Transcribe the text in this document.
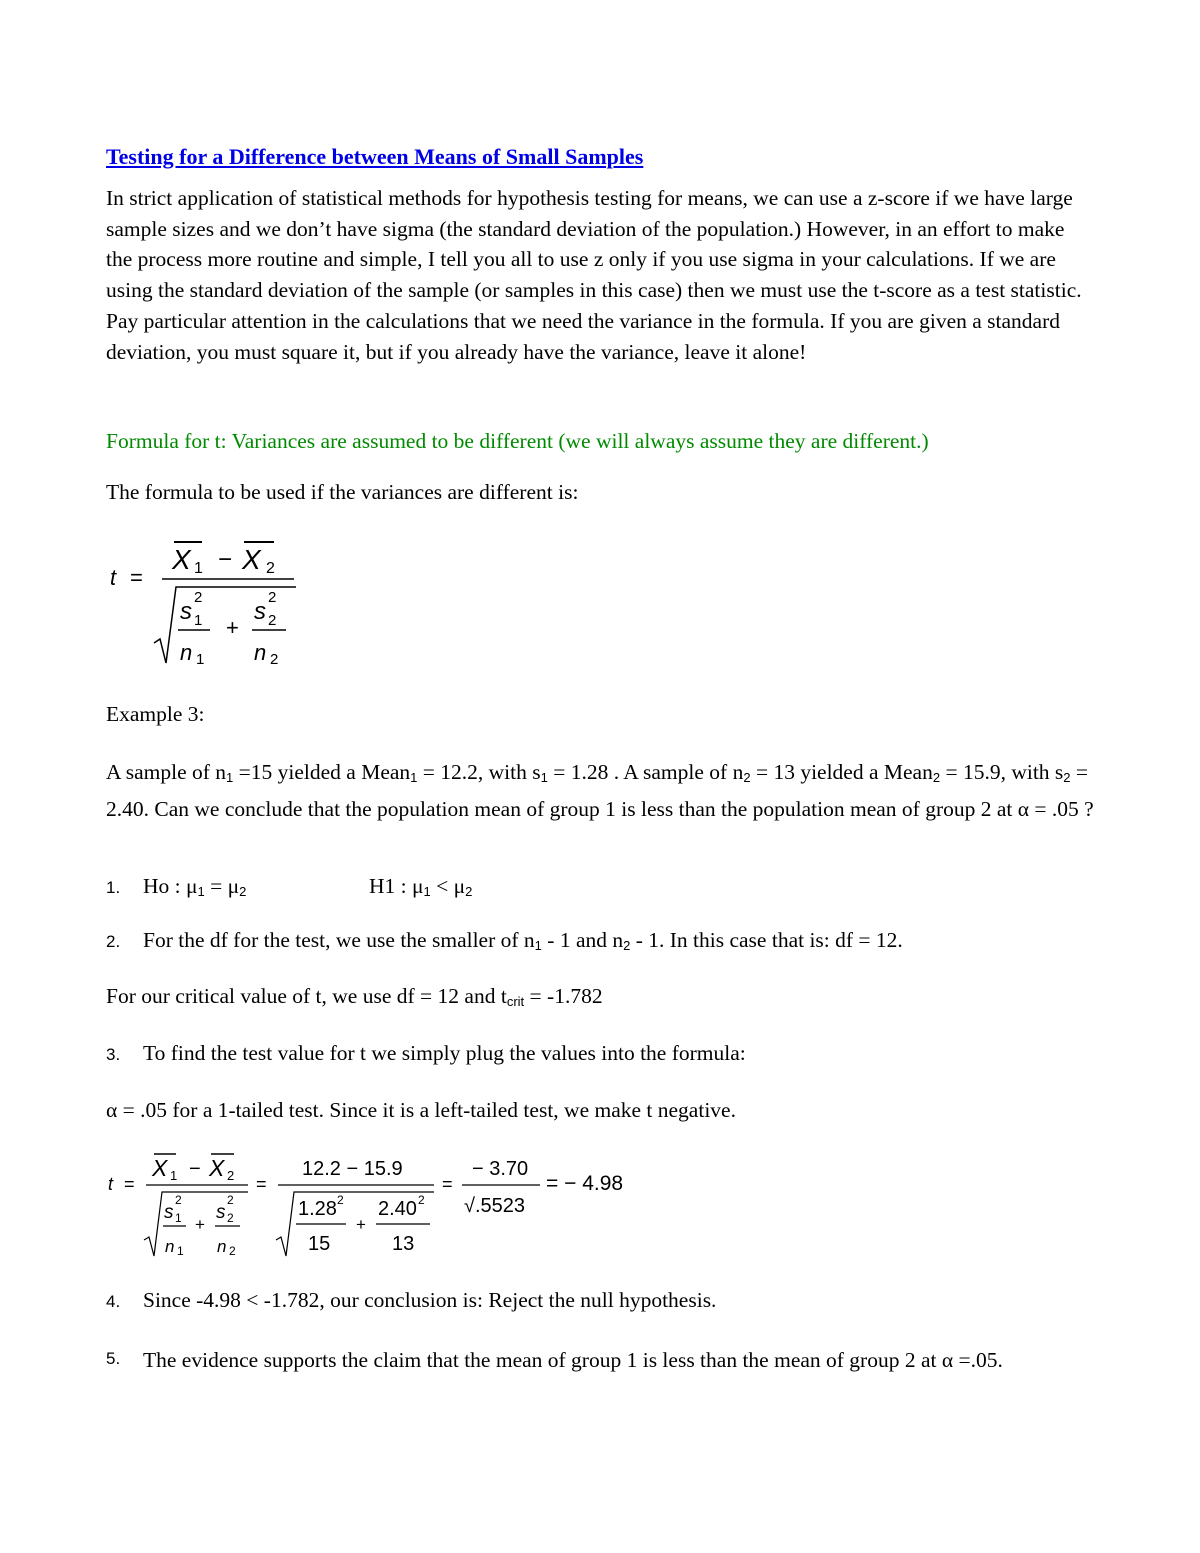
Testing for a Difference between Means of Small Samples

In strict application of statistical methods for hypothesis testing for means, we can use a z-score if we have large sample sizes and we don’t have sigma (the standard deviation of the population.) However, in an effort to make the process more routine and simple, I tell you all to use z only if you use sigma in your calculations. If we are using the standard deviation of the sample (or samples in this case) then we must use the t-score as a test statistic. Pay particular attention in the calculations that we need the variance in the formula. If you are given a standard deviation, you must square it, but if you already have the variance, leave it alone!

Formula for t: Variances are assumed to be different (we will always assume they are different.)
The formula to be used if the variances are different is:
t =
X 1 − X 2
s
2
1
n 1
+
s
2
2
n 2
Example 3:

A sample of $n_1 =15$ yielded a Mean$_1$ = 12.2, with $s_1 = 1.28$ . A sample of $n_2 = 13$ yielded a Mean$_2$ = 15.9, with $s_2 = 2.40$. Can we conclude that the population mean of group 1 is less than the population mean of group 2 at α = .05 ?

1. Ho : $\mu_1 = \mu_2$	H1 : $\mu_1 < \mu_2$
2. For the df for the test, we use the smaller of $n_1 - 1$ and $n_2 - 1$. In this case that is: df = 12.
For our critical value of t, we use df = 12 and $t_{crit} = -1.782$
3. To find the test value for t we simply plug the values into the formula:
α = .05 for a 1-tailed test. Since it is a left-tailed test, we make t negative.
t =
X 1 − X 2
s
2
1
n 1
+
s
2
2
n 2
=
12.2 − 15.9
1.28 2
15
+
2.40 2
13
=
− 3.70
√.5523
= − 4.98
4. Since -4.98 < -1.782, our conclusion is: Reject the null hypothesis.
5. The evidence supports the claim that the mean of group 1 is less than the mean of group 2 at α =.05.
